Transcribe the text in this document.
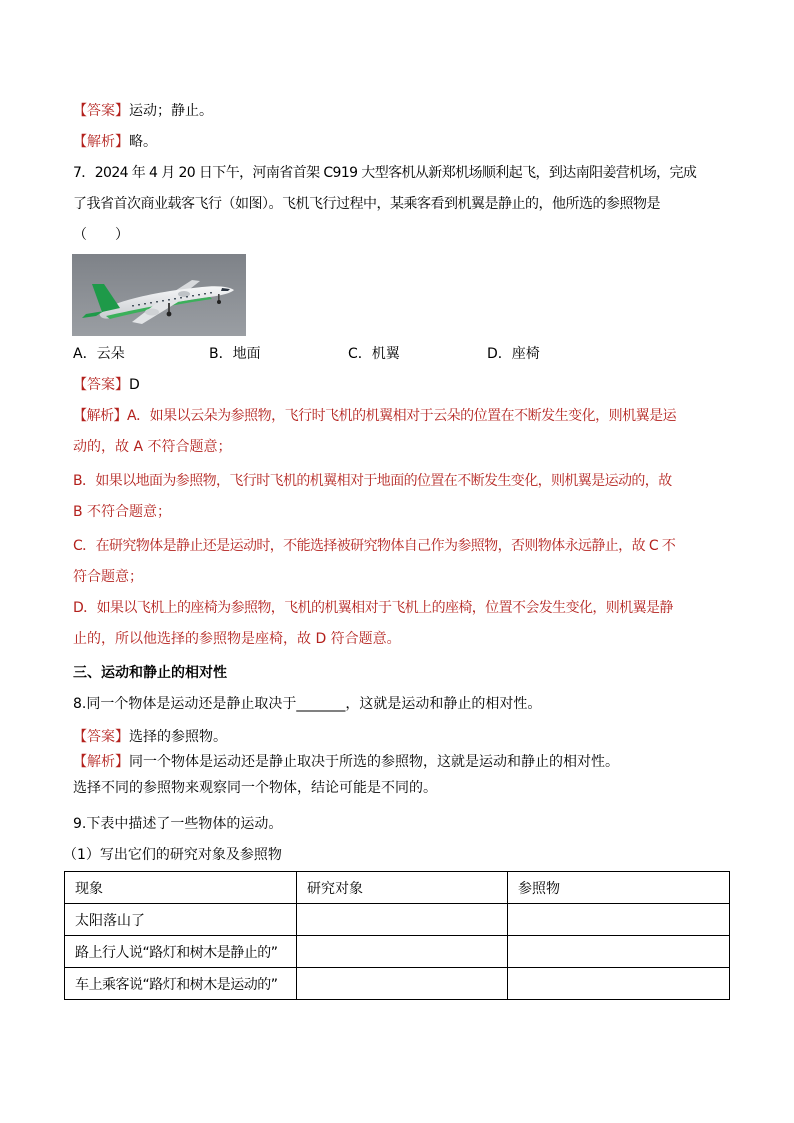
【答案】运动；静止。
【解析】略。
7．2024 年 4 月 20 日下午，河南省首架 C919 大型客机从新郑机场顺利起飞，到达南阳姜营机场，完成
了我省首次商业载客飞行（如图）。飞机飞行过程中，某乘客看到机翼是静止的，他所选的参照物是
（　　）
A．云朵	B．地面	C．机翼	D．座椅
【答案】D
【解析】A．如果以云朵为参照物，飞行时飞机的机翼相对于云朵的位置在不断发生变化，则机翼是运
动的，故 A 不符合题意；
B．如果以地面为参照物，飞行时飞机的机翼相对于地面的位置在不断发生变化，则机翼是运动的，故
B 不符合题意；
C．在研究物体是静止还是运动时，不能选择被研究物体自己作为参照物，否则物体永远静止，故 C 不
符合题意；
D．如果以飞机上的座椅为参照物，飞机的机翼相对于飞机上的座椅，位置不会发生变化，则机翼是静
止的，所以他选择的参照物是座椅，故 D 符合题意。
三、运动和静止的相对性
8.同一个物体是运动还是静止取决于_______，这就是运动和静止的相对性。
【答案】选择的参照物。
【解析】同一个物体是运动还是静止取决于所选的参照物，这就是运动和静止的相对性。
选择不同的参照物来观察同一个物体，结论可能是不同的。
9.下表中描述了一些物体的运动。
（1）写出它们的研究对象及参照物
现象	研究对象	参照物
太阳落山了		
路上行人说“路灯和树木是静止的”		
车上乘客说“路灯和树木是运动的”		
